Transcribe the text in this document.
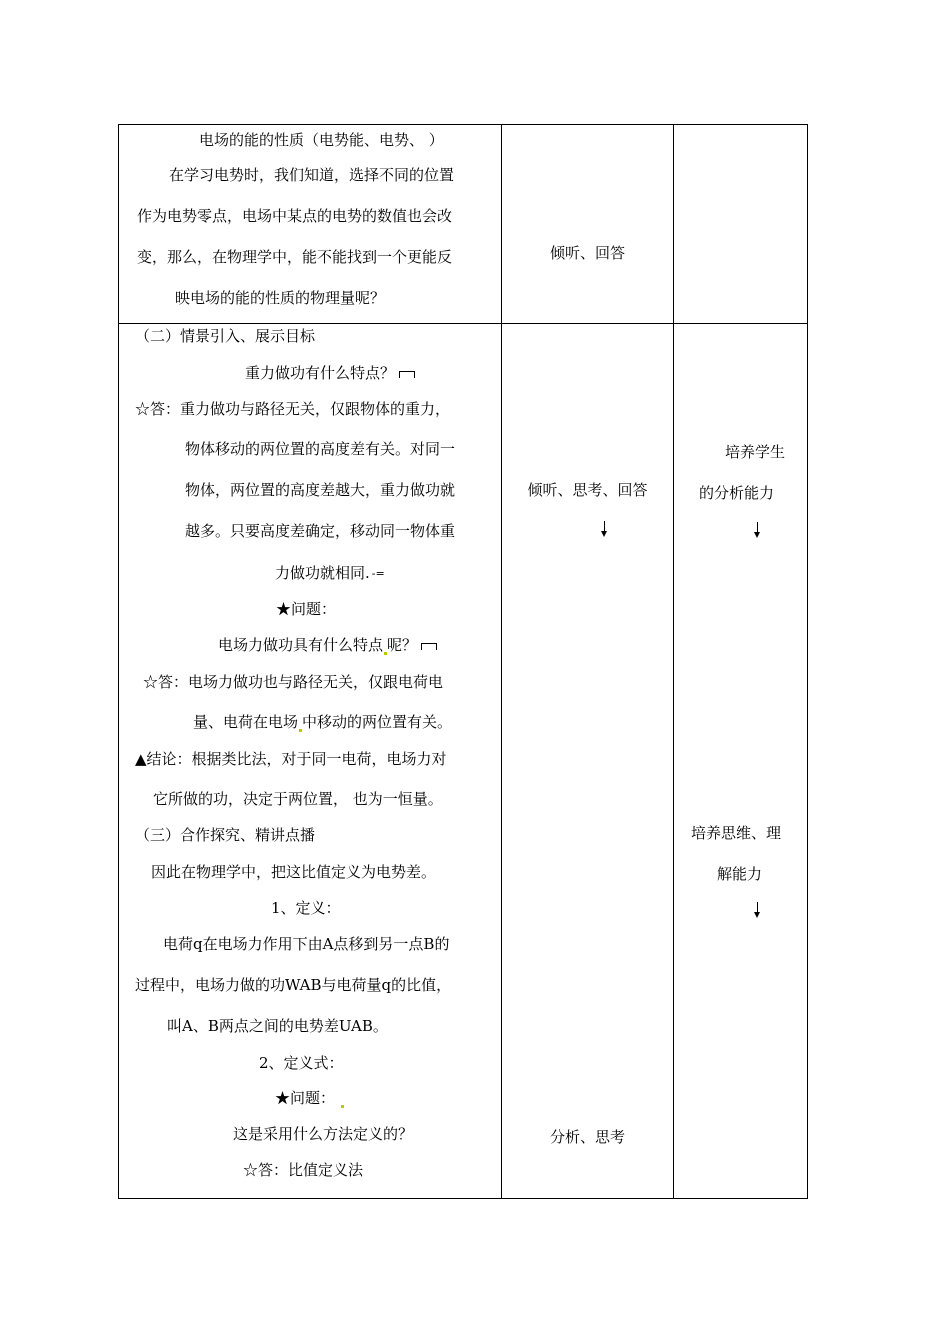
电场的能的性质（电势能、电势、 ）
在学习电势时，我们知道，选择不同的位置
作为电势零点，电场中某点的电势的数值也会改
变，那么，在物理学中，能不能找到一个更能反
映电场的能的性质的物理量呢？
倾听、回答
（二）情景引入、展示目标
重力做功有什么特点？
☆答：重力做功与路径无关，仅跟物体的重力，
物体移动的两位置的高度差有关。对同一
物体，两位置的高度差越大，重力做功就
越多。只要高度差确定，移动同一物体重
力做功就相同. -=
★问题：
电场力做功具有什么特点 呢？
☆答：电场力做功也与路径无关，仅跟电荷电
量、电荷在电场 中移动的两位置有关。
▲结论：根据类比法，对于同一电荷，电场力对
它所做的功，决定于两位置， 也为一恒量。
（三）合作探究、精讲点播
因此在物理学中，把这比值定义为电势差。
1、定义：
电荷q在电场力作用下由A点移到另一点B的
过程中，电场力做的功WAB与电荷量q的比值，
叫A、B两点之间的电势差UAB。
2、定义式：
★问题：
这是采用什么方法定义的？
☆答：比值定义法
倾听、思考、回答
分析、思考
培养学生
的分析能力
培养思维、理
解能力
